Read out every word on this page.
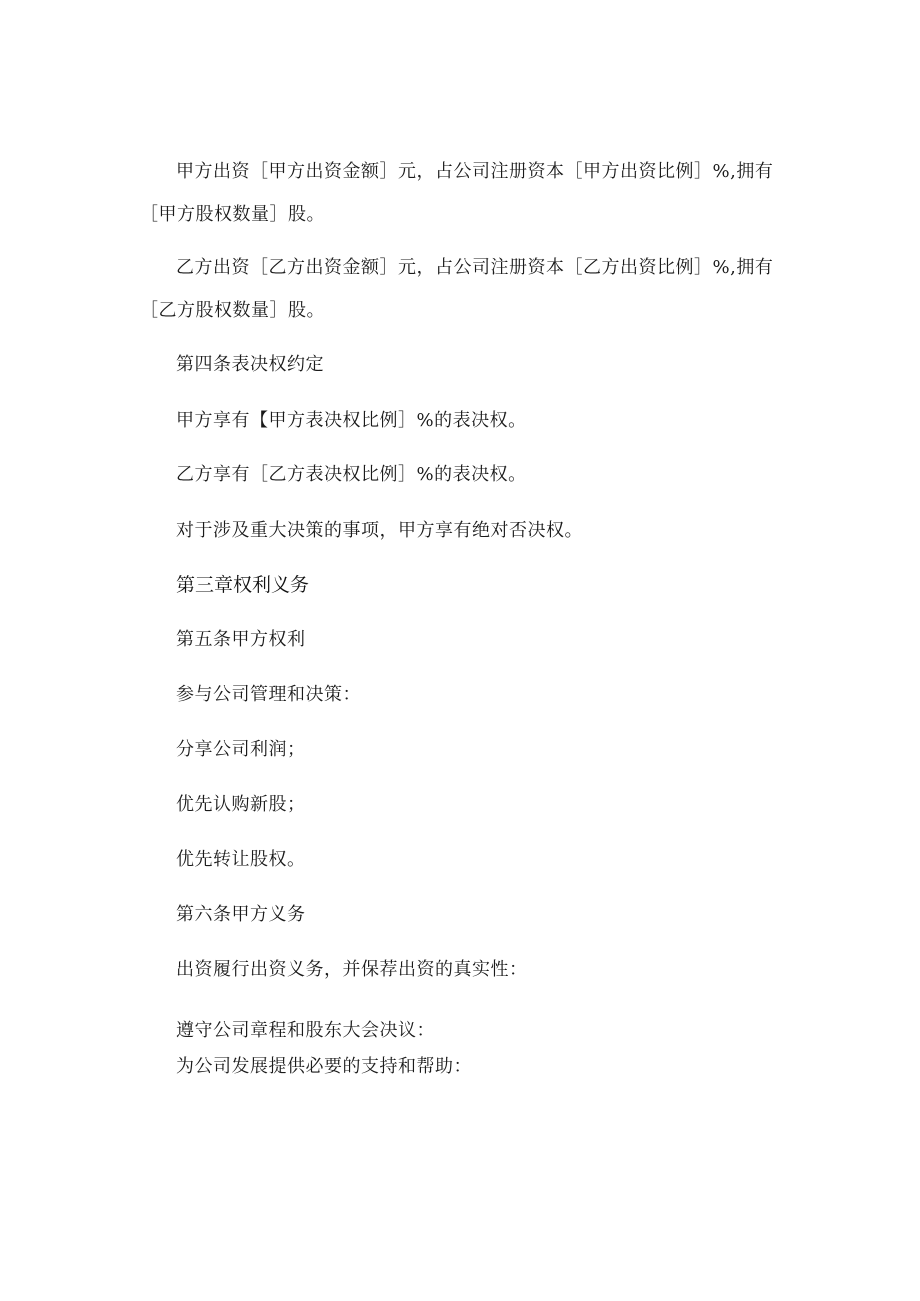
甲方出资［甲方出资金额］元，占公司注册资本［甲方出资比例］%,拥有
［甲方股权数量］股。
乙方出资［乙方出资金额］元，占公司注册资本［乙方出资比例］%,拥有
［乙方股权数量］股。
第四条表决权约定
甲方享有【甲方表决权比例］%的表决权。
乙方享有［乙方表决权比例］%的表决权。
对于涉及重大决策的事项，甲方享有绝对否决权。
第三章权利义务
第五条甲方权利
参与公司管理和决策：
分享公司利润；
优先认购新股；
优先转让股权。
第六条甲方义务
出资履行出资义务，并保荐出资的真实性：
遵守公司章程和股东大会决议：
为公司发展提供必要的支持和帮助：
